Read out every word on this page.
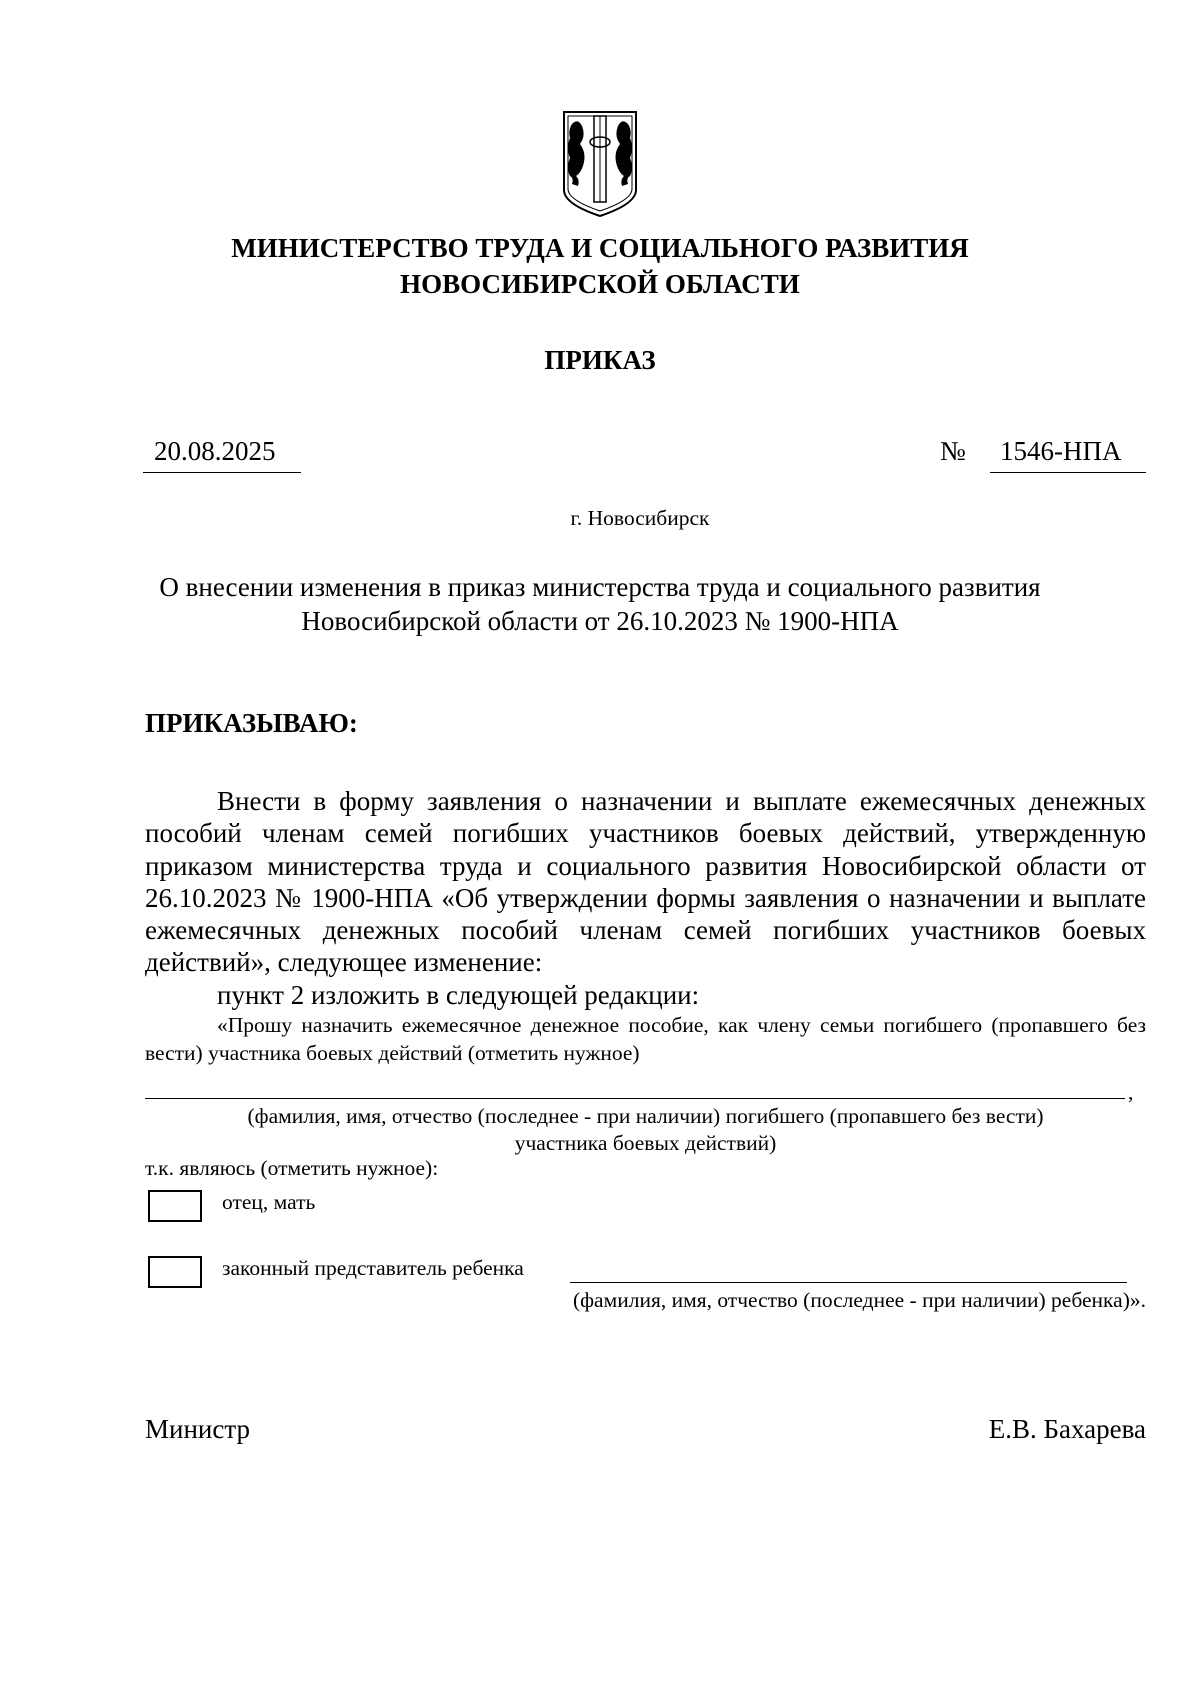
МИНИСТЕРСТВО ТРУДА И СОЦИАЛЬНОГО РАЗВИТИЯ
НОВОСИБИРСКОЙ ОБЛАСТИ
ПРИКАЗ
20.08.2025	№ 1546-НПА
г. Новосибирск
О внесении изменения в приказ министерства труда и социального развития
Новосибирской области от 26.10.2023 № 1900-НПА
ПРИКАЗЫВАЮ:

Внести в форму заявления о назначении и выплате ежемесячных денежных пособий членам семей погибших участников боевых действий, утвержденную приказом министерства труда и социального развития Новосибирской области от 26.10.2023 № 1900-НПА «Об утверждении формы заявления о назначении и выплате ежемесячных денежных пособий членам семей погибших участников боевых действий», следующее изменение:

пункт 2 изложить в следующей редакции:

«Прошу назначить ежемесячное денежное пособие, как члену семьи погибшего (пропавшего без вести) участника боевых действий (отметить нужное)

,
(фамилия, имя, отчество (последнее - при наличии) погибшего (пропавшего без вести)
участника боевых действий)
т.к. являюсь (отметить нужное):
отец, мать
законный представитель ребенка
(фамилия, имя, отчество (последнее - при наличии) ребенка)».
Министр	Е.В. Бахарева
